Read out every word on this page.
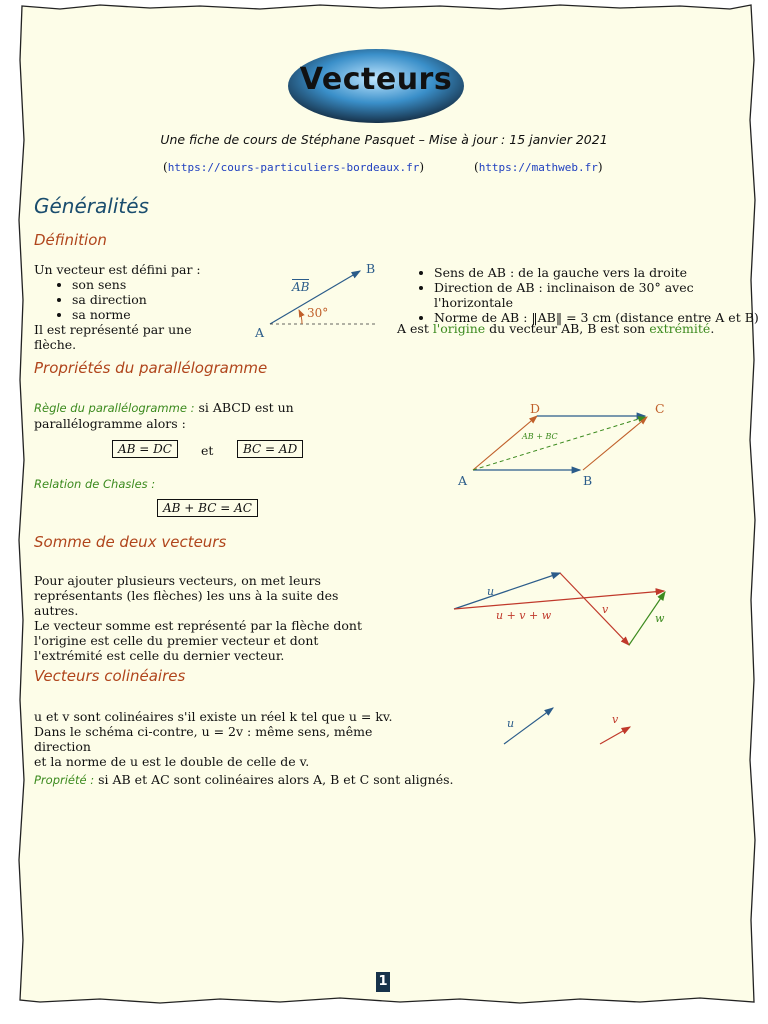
Vecteurs
Une fiche de cours de Stéphane Pasquet – Mise à jour : 15 janvier 2021
(https://cours-particuliers-bordeaux.fr)	(https://mathweb.fr)
Généralités
Définition
Un vecteur est défini par :
• son sens
• sa direction
• sa norme
Il est représenté par une flèche.
A
B
AB
30°
• Sens de AB : de la gauche vers la droite
• Direction de AB : inclinaison de 30° avec l'horizontale
• Norme de AB : ‖AB‖ = 3 cm (distance entre A et B)
A est l'origine du vecteur AB, B est son extrémité.
Propriétés du parallélogramme
Règle du parallélogramme : si ABCD est un parallélogramme alors :
AB = DC	et	BC = AD
Relation de Chasles :
AB + BC = AC
A	B
C
D
AB + BC
Somme de deux vecteurs
Pour ajouter plusieurs vecteurs, on met leurs représentants (les flèches) les uns à la suite des autres.
Le vecteur somme est représenté par la flèche dont l'origine est celle du premier vecteur et dont l'extrémité est celle du dernier vecteur.
u
v
w
u + v + w
Vecteurs colinéaires
u et v sont colinéaires s'il existe un réel k tel que u = kv.
Dans le schéma ci-contre, u = 2v : même sens, même direction
et la norme de u est le double de celle de v.
u	v
Propriété : si AB et AC sont colinéaires alors A, B et C sont alignés.
1
